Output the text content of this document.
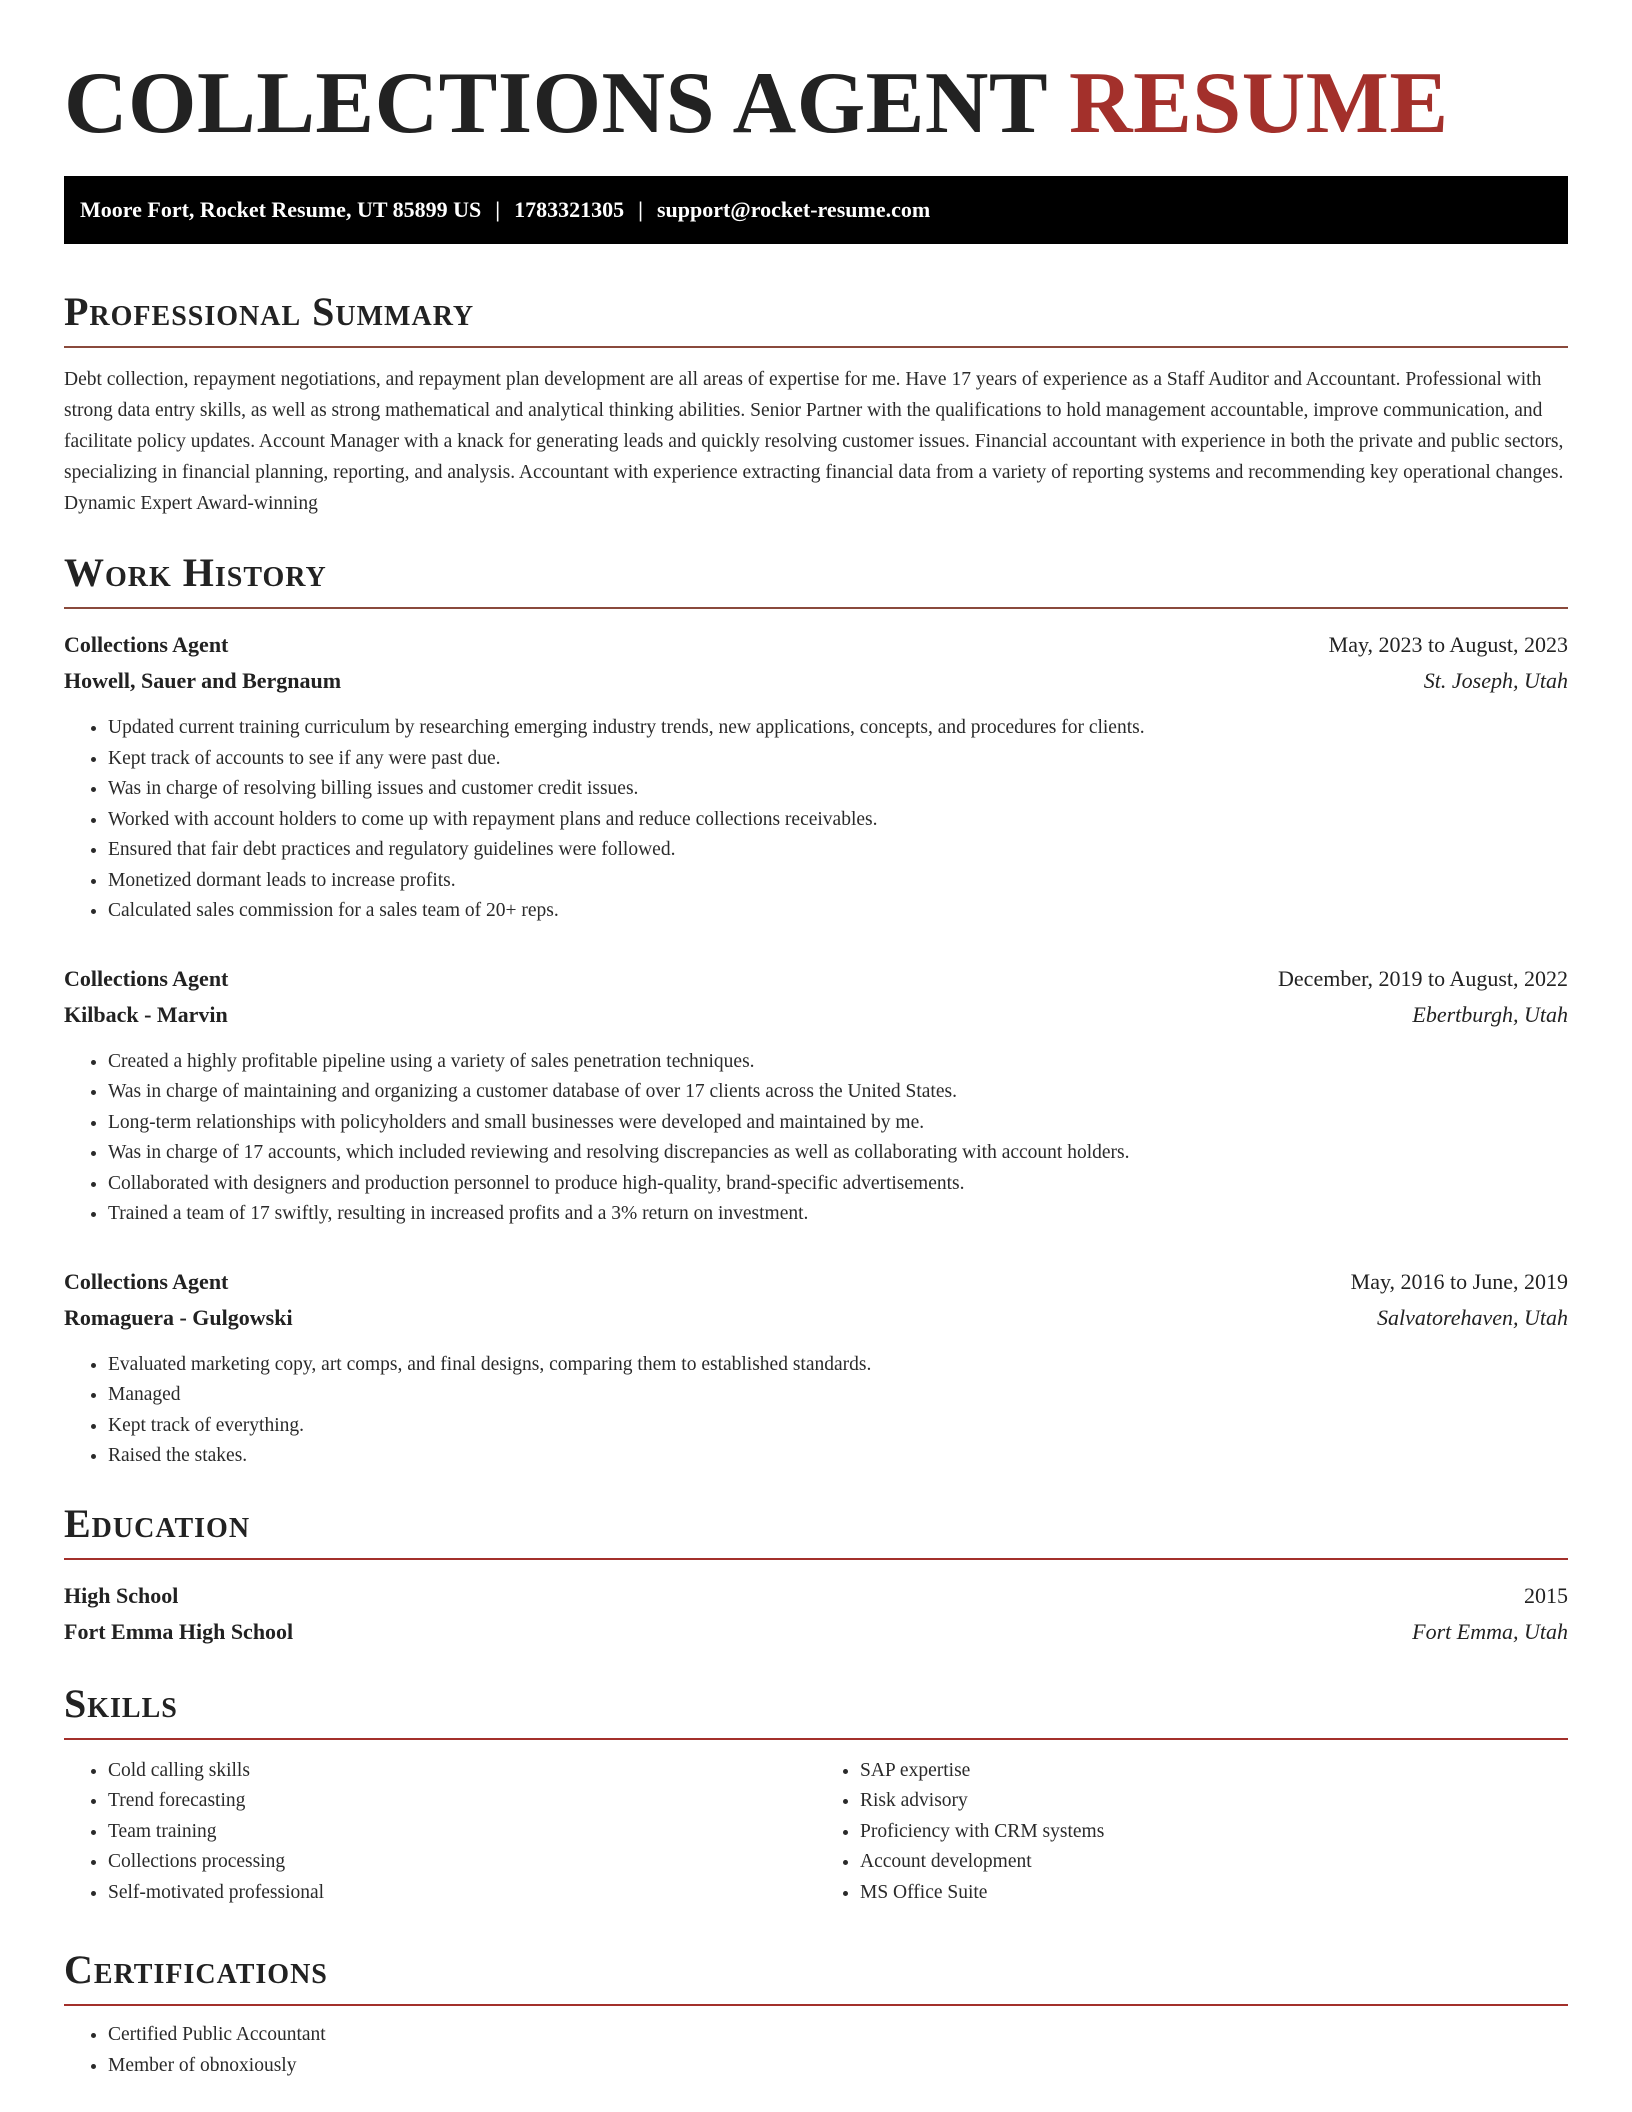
COLLECTIONS AGENT RESUME
Moore Fort, Rocket Resume, UT 85899 US | 1783321305 | support@rocket-resume.com
Professional Summary

Debt collection, repayment negotiations, and repayment plan development are all areas of expertise for me. Have 17 years of experience as a Staff Auditor and Accountant. Professional with strong data entry skills, as well as strong mathematical and analytical thinking abilities. Senior Partner with the qualifications to hold management accountable, improve communication, and facilitate policy updates. Account Manager with a knack for generating leads and quickly resolving customer issues. Financial accountant with experience in both the private and public sectors, specializing in financial planning, reporting, and analysis. Accountant with experience extracting financial data from a variety of reporting systems and recommending key operational changes. Dynamic Expert Award-winning

Work History
Collections Agent	May, 2023 to August, 2023
Howell, Sauer and Bergnaum	St. Joseph, Utah
• Updated current training curriculum by researching emerging industry trends, new applications, concepts, and procedures for clients.
• Kept track of accounts to see if any were past due.
• Was in charge of resolving billing issues and customer credit issues.
• Worked with account holders to come up with repayment plans and reduce collections receivables.
• Ensured that fair debt practices and regulatory guidelines were followed.
• Monetized dormant leads to increase profits.
• Calculated sales commission for a sales team of 20+ reps.
Collections Agent	December, 2019 to August, 2022
Kilback - Marvin	Ebertburgh, Utah
• Created a highly profitable pipeline using a variety of sales penetration techniques.
• Was in charge of maintaining and organizing a customer database of over 17 clients across the United States.
• Long-term relationships with policyholders and small businesses were developed and maintained by me.
• Was in charge of 17 accounts, which included reviewing and resolving discrepancies as well as collaborating with account holders.
• Collaborated with designers and production personnel to produce high-quality, brand-specific advertisements.
• Trained a team of 17 swiftly, resulting in increased profits and a 3% return on investment.
Collections Agent	May, 2016 to June, 2019
Romaguera - Gulgowski	Salvatorehaven, Utah
• Evaluated marketing copy, art comps, and final designs, comparing them to established standards.
• Managed
• Kept track of everything.
• Raised the stakes.
Education
High School	2015
Fort Emma High School	Fort Emma, Utah
Skills
• Cold calling skills
• Trend forecasting
• Team training
• Collections processing
• Self-motivated professional
• SAP expertise
• Risk advisory
• Proficiency with CRM systems
• Account development
• MS Office Suite
Certifications
• Certified Public Accountant
• Member of obnoxiously
